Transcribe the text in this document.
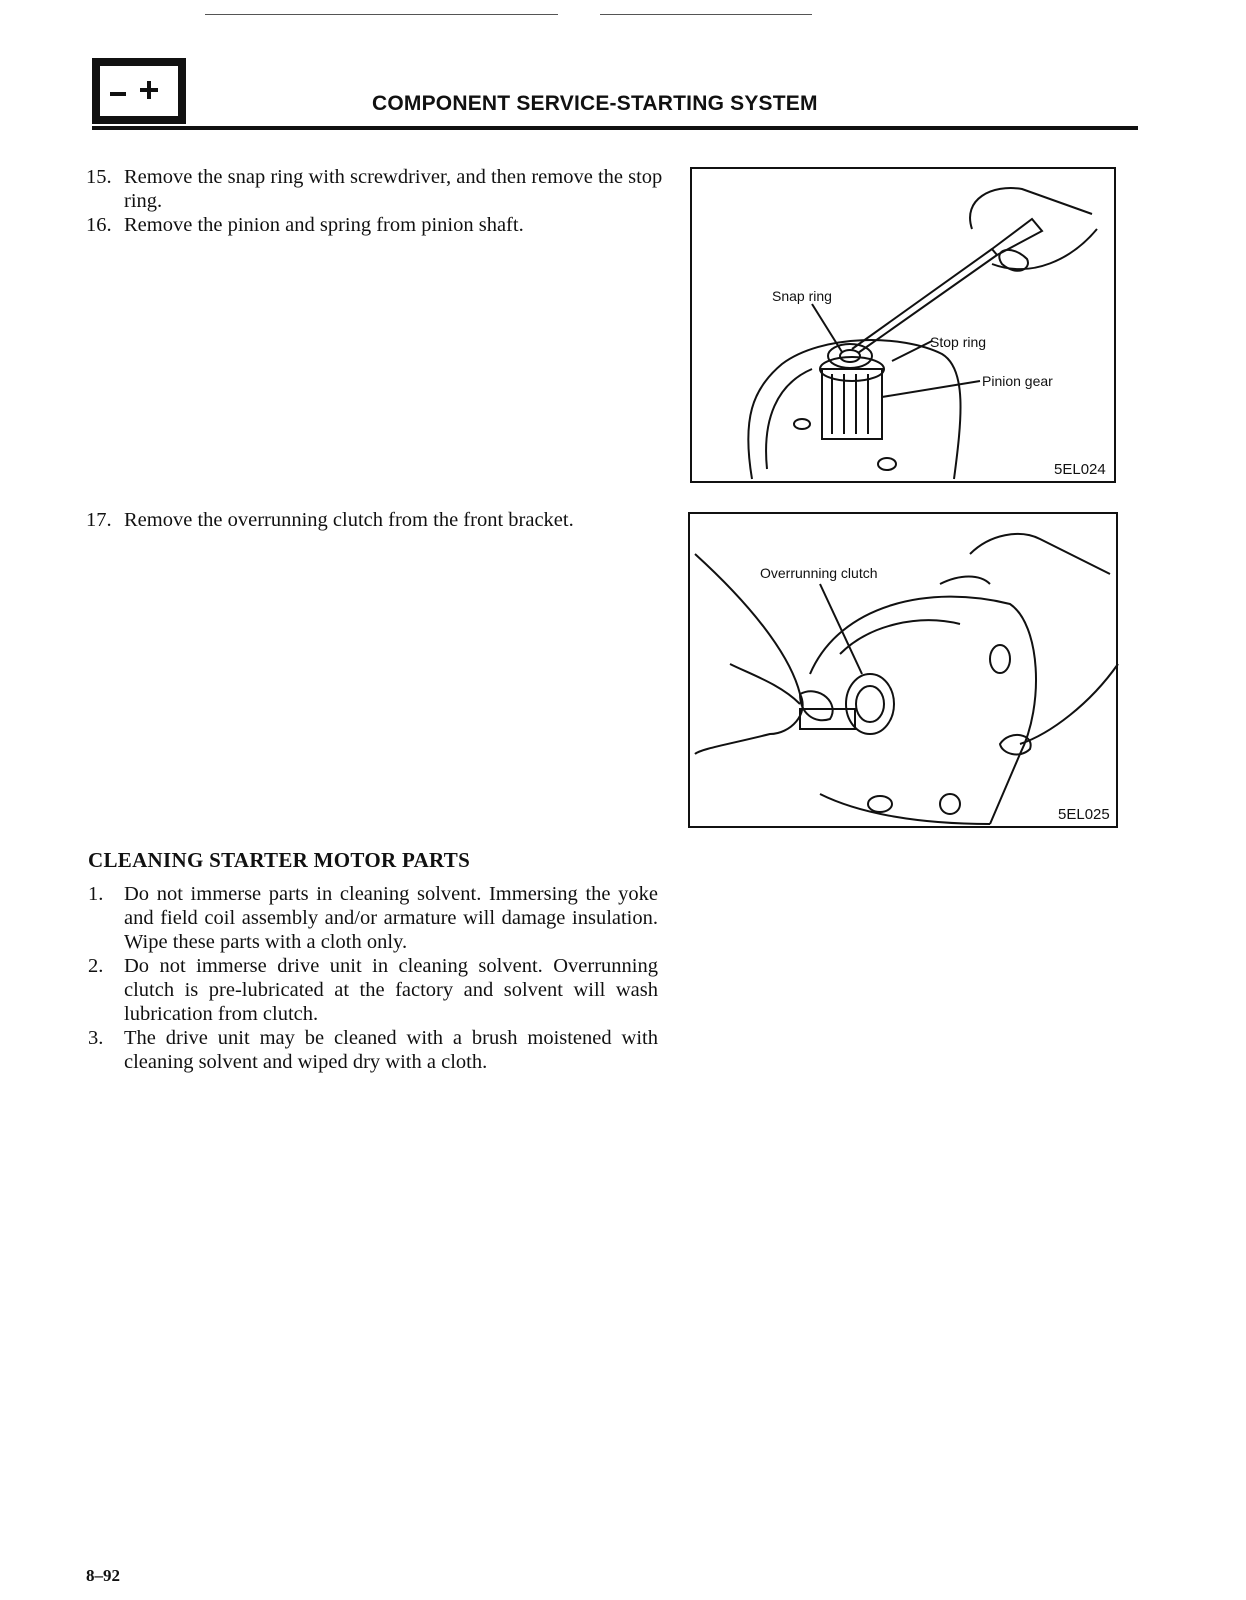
COMPONENT SERVICE-STARTING SYSTEM
15. Remove the snap ring with screwdriver, and then remove the stop ring.
16. Remove the pinion and spring from pinion shaft.
Snap ring
Stop ring
Pinion gear
5EL024
17. Remove the overrunning clutch from the front bracket.
Overrunning clutch
5EL025
CLEANING STARTER MOTOR PARTS
1. Do not immerse parts in cleaning solvent. Immersing the yoke and field coil assembly and/or armature will damage insulation. Wipe these parts with a cloth only.
2. Do not immerse drive unit in cleaning solvent. Overrunning clutch is pre-lubricated at the factory and solvent will wash lubrication from clutch.
3. The drive unit may be cleaned with a brush moistened with cleaning solvent and wiped dry with a cloth.
8–92
